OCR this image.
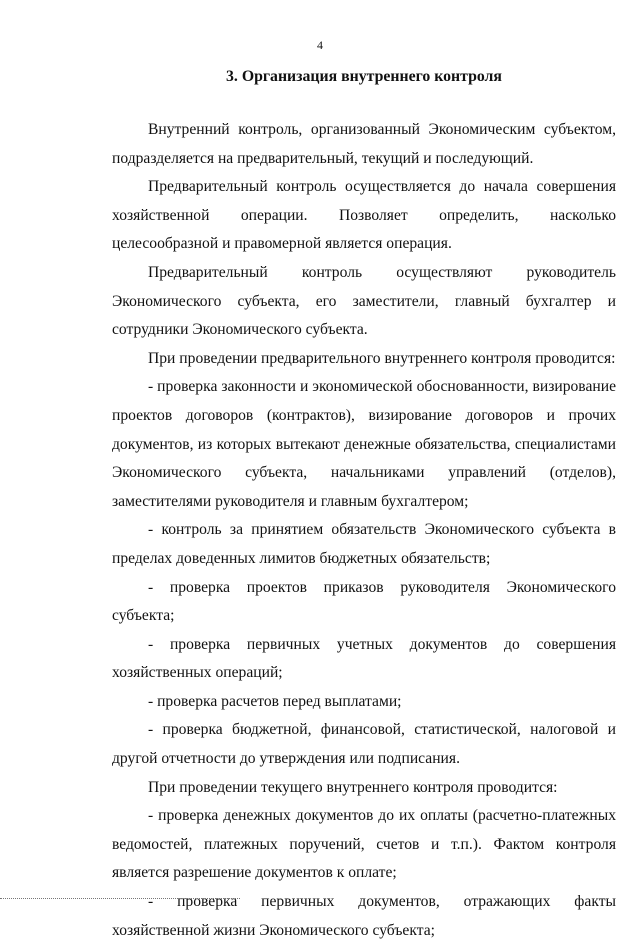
4
3. Организация внутреннего контроля

Внутренний контроль, организованный Экономическим субъектом, подразделяется на предварительный, текущий и последующий.

Предварительный контроль осуществляется до начала совершения хозяйственной операции. Позволяет определить, насколько целесообразной и правомерной является операция.

Предварительный контроль осуществляют руководитель Экономического субъекта, его заместители, главный бухгалтер и сотрудники Экономического субъекта.

При проведении предварительного внутреннего контроля проводится:

- проверка законности и экономической обоснованности, визирование проектов договоров (контрактов), визирование договоров и прочих документов, из которых вытекают денежные обязательства, специалистами Экономического субъекта, начальниками управлений (отделов), заместителями руководителя и главным бухгалтером;

- контроль за принятием обязательств Экономического субъекта в пределах доведенных лимитов бюджетных обязательств;

- проверка проектов приказов руководителя Экономического субъекта;

- проверка первичных учетных документов до совершения хозяйственных операций;

- проверка расчетов перед выплатами;

- проверка бюджетной, финансовой, статистической, налоговой и другой отчетности до утверждения или подписания.

При проведении текущего внутреннего контроля проводится:

- проверка денежных документов до их оплаты (расчетно-платежных ведомостей, платежных поручений, счетов и т.п.). Фактом контроля является разрешение документов к оплате;

- проверка первичных документов, отражающих факты хозяйственной жизни Экономического субъекта;
